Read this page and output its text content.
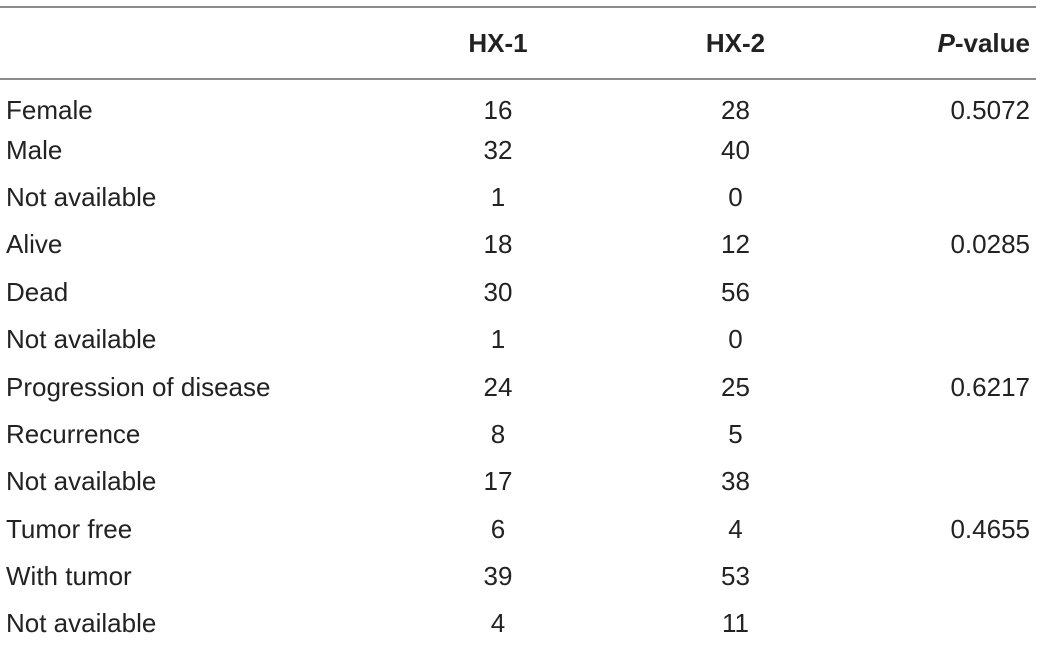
	HX-1	HX-2	P-value
Female	16	28	0.5072
Male	32	40	
Not available	1	0	
Alive	18	12	0.0285
Dead	30	56	
Not available	1	0	
Progression of disease	24	25	0.6217
Recurrence	8	5	
Not available	17	38	
Tumor free	6	4	0.4655
With tumor	39	53	
Not available	4	11	
